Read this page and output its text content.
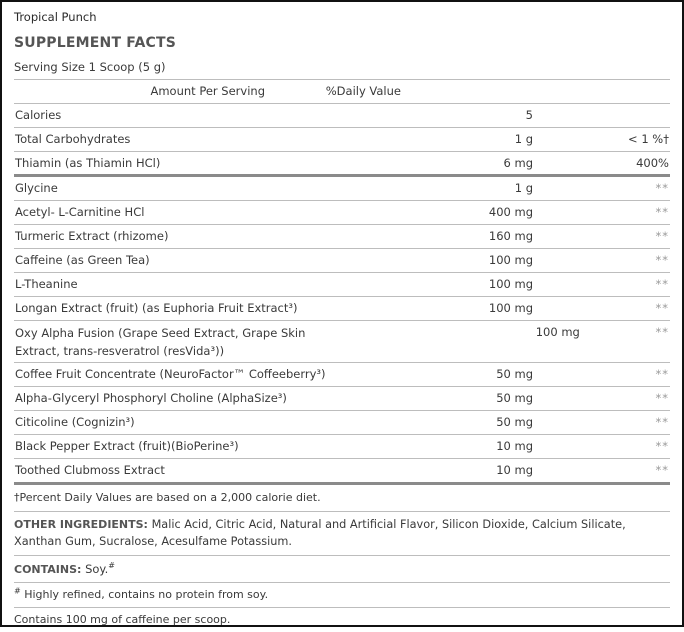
Tropical Punch
SUPPLEMENT FACTS
Serving Size 1 Scoop (5 g)
Amount Per Serving	%Daily Value
Calories	5
Total Carbohydrates	1 g	< 1 %†
Thiamin (as Thiamin HCl)	6 mg	400%
Glycine	1 g	**
Acetyl- L-Carnitine HCl	400 mg	**
Turmeric Extract (rhizome)	160 mg	**
Caffeine (as Green Tea)	100 mg	**
L-Theanine	100 mg	**
Longan Extract (fruit) (as Euphoria Fruit Extract³)	100 mg	**
Oxy Alpha Fusion (Grape Seed Extract, Grape Skin Extract, trans-resveratrol (resVida³))
100 mg	**
Coffee Fruit Concentrate (NeuroFactor™ Coffeeberry³)	50 mg	**
Alpha-Glyceryl Phosphoryl Choline (AlphaSize³)	50 mg	**
Citicoline (Cognizin³)	50 mg	**
Black Pepper Extract (fruit)(BioPerine³)	10 mg	**
Toothed Clubmoss Extract	10 mg	**
†Percent Daily Values are based on a 2,000 calorie diet.
OTHER INGREDIENTS: Malic Acid, Citric Acid, Natural and Artificial Flavor, Silicon Dioxide, Calcium Silicate, Xanthan Gum, Sucralose, Acesulfame Potassium.
CONTAINS: Soy.#
# Highly refined, contains no protein from soy.
Contains 100 mg of caffeine per scoop.
